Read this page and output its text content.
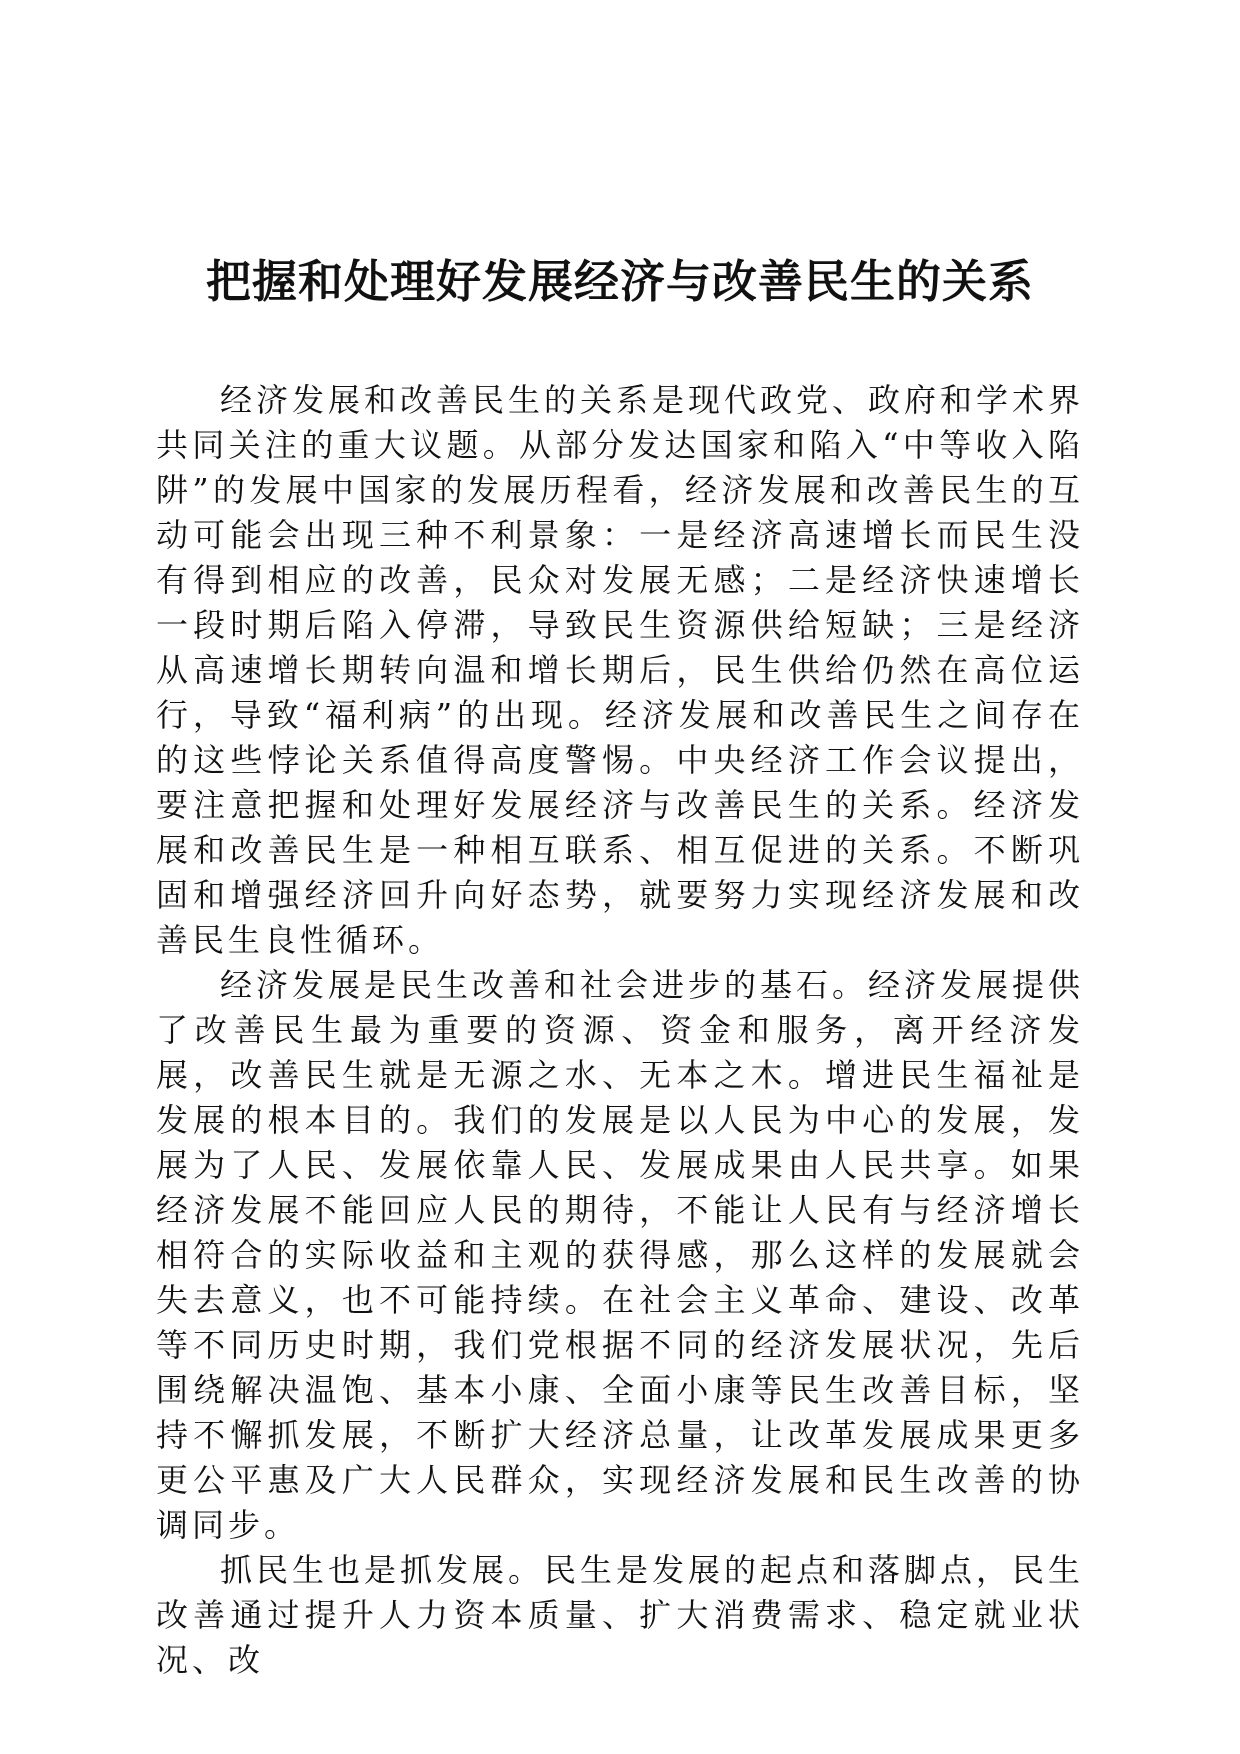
把握和处理好发展经济与改善民生的关系

经济发展和改善民生的关系是现代政党、政府和学术界共同关注的重大议题。从部分发达国家和陷入“中等收入陷阱”的发展中国家的发展历程看，经济发展和改善民生的互动可能会出现三种不利景象：一是经济高速增长而民生没有得到相应的改善，民众对发展无感；二是经济快速增长一段时期后陷入停滞，导致民生资源供给短缺；三是经济从高速增长期转向温和增长期后，民生供给仍然在高位运行，导致“福利病”的出现。经济发展和改善民生之间存在的这些悖论关系值得高度警惕。中央经济工作会议提出，要注意把握和处理好发展经济与改善民生的关系。经济发展和改善民生是一种相互联系、相互促进的关系。不断巩固和增强经济回升向好态势，就要努力实现经济发展和改善民生良性循环。

经济发展是民生改善和社会进步的基石。经济发展提供了改善民生最为重要的资源、资金和服务，离开经济发展，改善民生就是无源之水、无本之木。增进民生福祉是发展的根本目的。我们的发展是以人民为中心的发展，发展为了人民、发展依靠人民、发展成果由人民共享。如果经济发展不能回应人民的期待，不能让人民有与经济增长相符合的实际收益和主观的获得感，那么这样的发展就会失去意义，也不可能持续。在社会主义革命、建设、改革等不同历史时期，我们党根据不同的经济发展状况，先后围绕解决温饱、基本小康、全面小康等民生改善目标，坚持不懈抓发展，不断扩大经济总量，让改革发展成果更多更公平惠及广大人民群众，实现经济发展和民生改善的协调同步。

抓民生也是抓发展。民生是发展的起点和落脚点，民生改善通过提升人力资本质量、扩大消费需求、稳定就业状况、改
